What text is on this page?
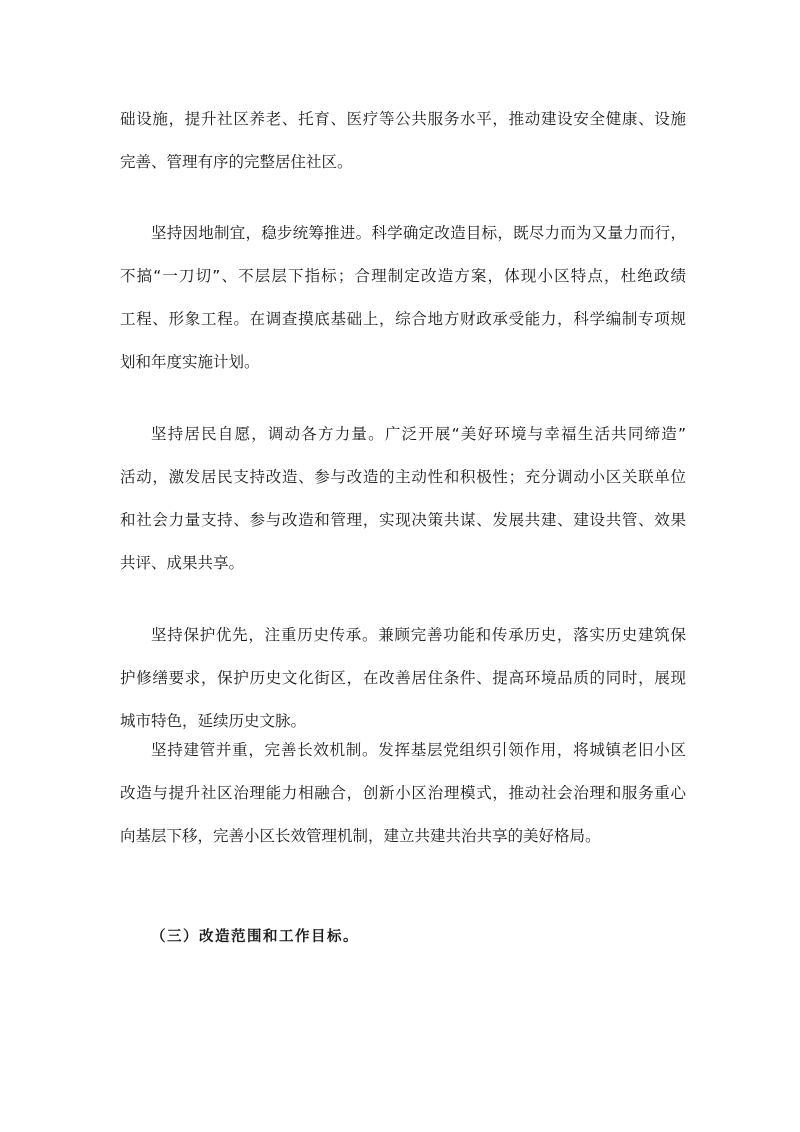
础设施，提升社区养老、托育、医疗等公共服务水平，推动建设安全健康、设施
完善、管理有序的完整居住社区。
坚持因地制宜，稳步统筹推进。科学确定改造目标，既尽力而为又量力而行，
不搞“一刀切”、不层层下指标；合理制定改造方案，体现小区特点，杜绝政绩
工程、形象工程。在调查摸底基础上，综合地方财政承受能力，科学编制专项规
划和年度实施计划。
坚持居民自愿，调动各方力量。广泛开展“美好环境与幸福生活共同缔造”
活动，激发居民支持改造、参与改造的主动性和积极性；充分调动小区关联单位
和社会力量支持、参与改造和管理，实现决策共谋、发展共建、建设共管、效果
共评、成果共享。
坚持保护优先，注重历史传承。兼顾完善功能和传承历史，落实历史建筑保
护修缮要求，保护历史文化街区，在改善居住条件、提高环境品质的同时，展现
城市特色，延续历史文脉。
坚持建管并重，完善长效机制。发挥基层党组织引领作用，将城镇老旧小区
改造与提升社区治理能力相融合，创新小区治理模式，推动社会治理和服务重心
向基层下移，完善小区长效管理机制，建立共建共治共享的美好格局。
（三）改造范围和工作目标。
